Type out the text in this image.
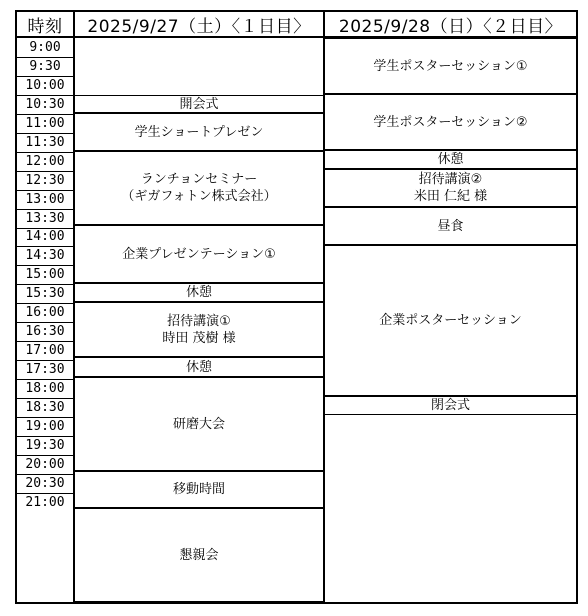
時刻	2025/9/27（土）〈１日目〉	2025/9/28（日）〈２日目〉
9:00
9:30
10:00
10:30
11:00
11:30
12:00
12:30
13:00
13:30
14:00
14:30
15:00
15:30
16:00
16:30
17:00
17:30
18:00
18:30
19:00
19:30
20:00
20:30
21:00
開会式
学生ショートプレゼン
ランチョンセミナー
（ギガフォトン株式会社）
企業プレゼンテーション①
休憩
招待講演①
時田 茂樹 様
休憩
研磨大会
移動時間
懇親会
学生ポスターセッション①
学生ポスターセッション②
休憩
招待講演②
米田 仁紀 様
昼食
企業ポスターセッション
閉会式
